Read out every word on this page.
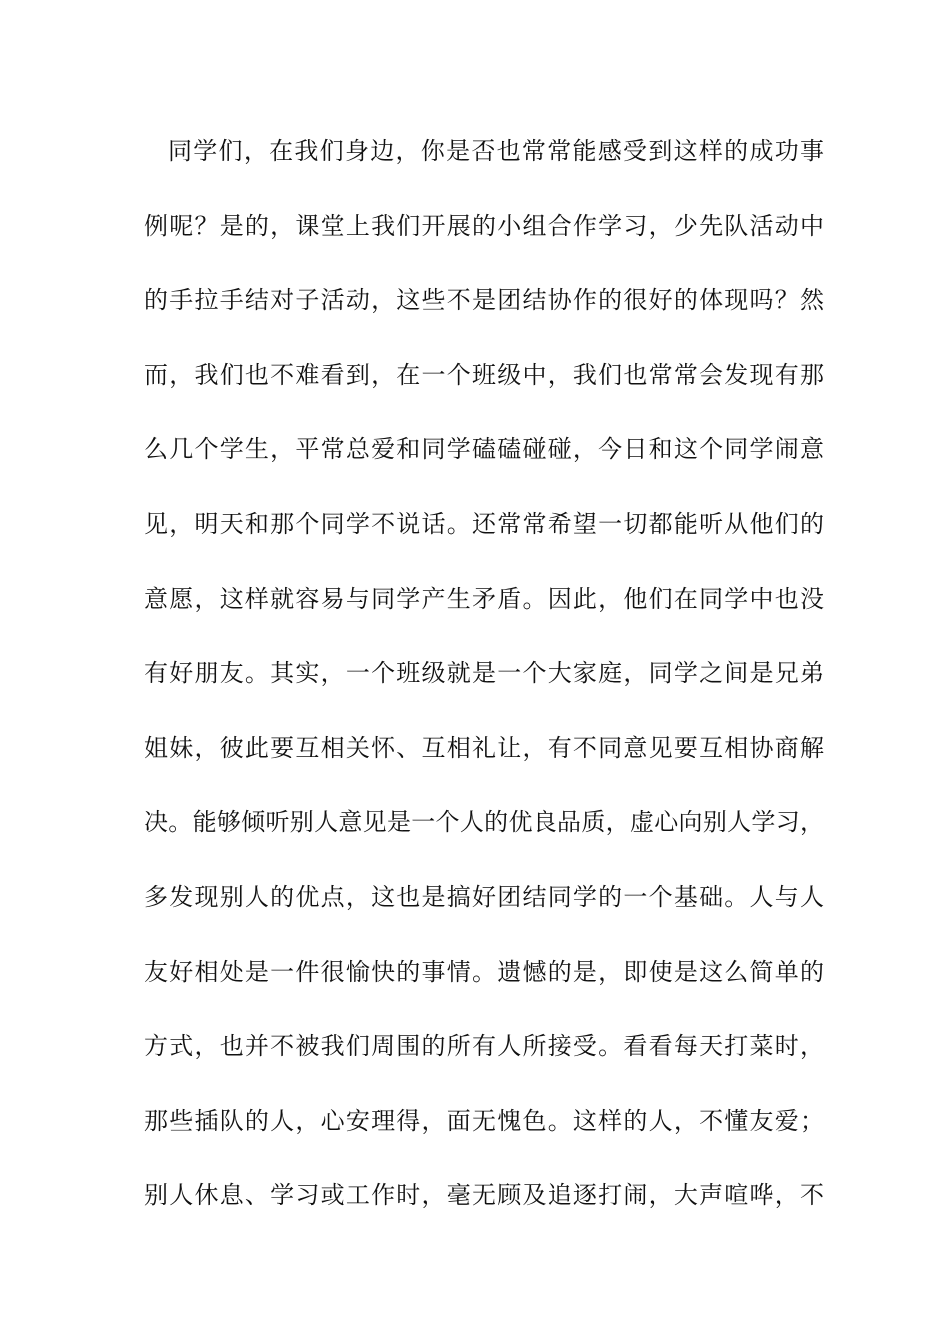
同学们，在我们身边，你是否也常常能感受到这样的成功事
例呢？是的，课堂上我们开展的小组合作学习，少先队活动中
的手拉手结对子活动，这些不是团结协作的很好的体现吗？然
而，我们也不难看到，在一个班级中，我们也常常会发现有那
么几个学生，平常总爱和同学磕磕碰碰，今日和这个同学闹意
见，明天和那个同学不说话。还常常希望一切都能听从他们的
意愿，这样就容易与同学产生矛盾。因此，他们在同学中也没
有好朋友。其实，一个班级就是一个大家庭，同学之间是兄弟
姐妹，彼此要互相关怀、互相礼让，有不同意见要互相协商解
决。能够倾听别人意见是一个人的优良品质，虚心向别人学习，
多发现别人的优点，这也是搞好团结同学的一个基础。人与人
友好相处是一件很愉快的事情。遗憾的是，即使是这么简单的
方式，也并不被我们周围的所有人所接受。看看每天打菜时，
那些插队的人，心安理得，面无愧色。这样的人，不懂友爱；
别人休息、学习或工作时，毫无顾及追逐打闹，大声喧哗，不
